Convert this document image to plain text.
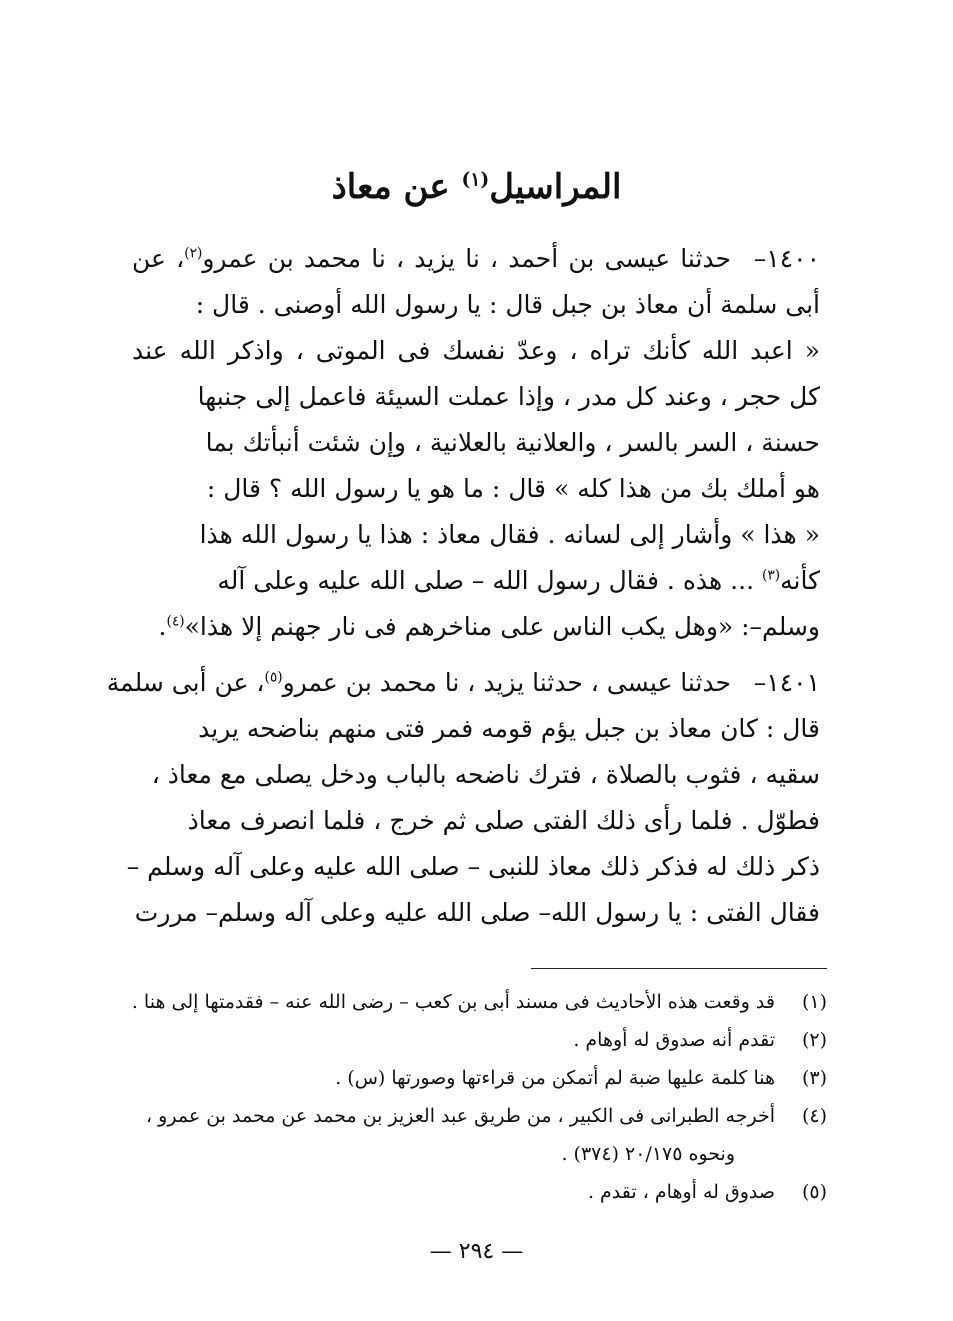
المراسيل$^{(١)}$ عن معاذ
١٤٠٠–
حدثنا عيسى بن أحمد ، نا يزيد ، نا محمد بن عمرو$^{(٢)}$، عن
أبى سلمة أن معاذ بن جبل قال : يا رسول الله أوصنى . قال :
« اعبد الله كأنك تراه ، وعدّ نفسك فى الموتى ، واذكر الله عند
كل حجر ، وعند كل مدر ، وإذا عملت السيئة فاعمل إلى جنبها
حسنة ، السر بالسر ، والعلانية بالعلانية ، وإن شئت أنبأتك بما
هو أملك بك من هذا كله » قال : ما هو يا رسول الله ؟ قال :
« هذا » وأشار إلى لسانه . فقال معاذ : هذا يا رسول الله هذا
كأنه$^{(٣)}$ ... هذه . فقال رسول الله – صلى الله عليه وعلى آله
وسلم–: «وهل يكب الناس على مناخرهم فى نار جهنم إلا هذا»$^{(٤)}$.
١٤٠١–
حدثنا عيسى ، حدثنا يزيد ، نا محمد بن عمرو$^{(٥)}$، عن أبى سلمة
قال : كان معاذ بن جبل يؤم قومه فمر فتى منهم بناضحه يريد
سقيه ، فثوب بالصلاة ، فترك ناضحه بالباب ودخل يصلى مع معاذ ،
فطوّل . فلما رأى ذلك الفتى صلى ثم خرج ، فلما انصرف معاذ
ذكر ذلك له فذكر ذلك معاذ للنبى – صلى الله عليه وعلى آله وسلم –
فقال الفتى : يا رسول الله– صلى الله عليه وعلى آله وسلم– مررت
(١)
قد وقعت هذه الأحاديث فى مسند أبى بن كعب – رضى الله عنه – فقدمتها إلى هنا .
(٢)
تقدم أنه صدوق له أوهام .
(٣)
هنا كلمة عليها ضبة لم أتمكن من قراءتها وصورتها (س) .
(٤)
أخرجه الطبرانى فى الكبير ، من طريق عبد العزيز بن محمد عن محمد بن عمرو ،
ونحوه ٢٠/١٧٥ (٣٧٤) .
(٥)
صدوق له أوهام ، تقدم .
— ٢٩٤ —
